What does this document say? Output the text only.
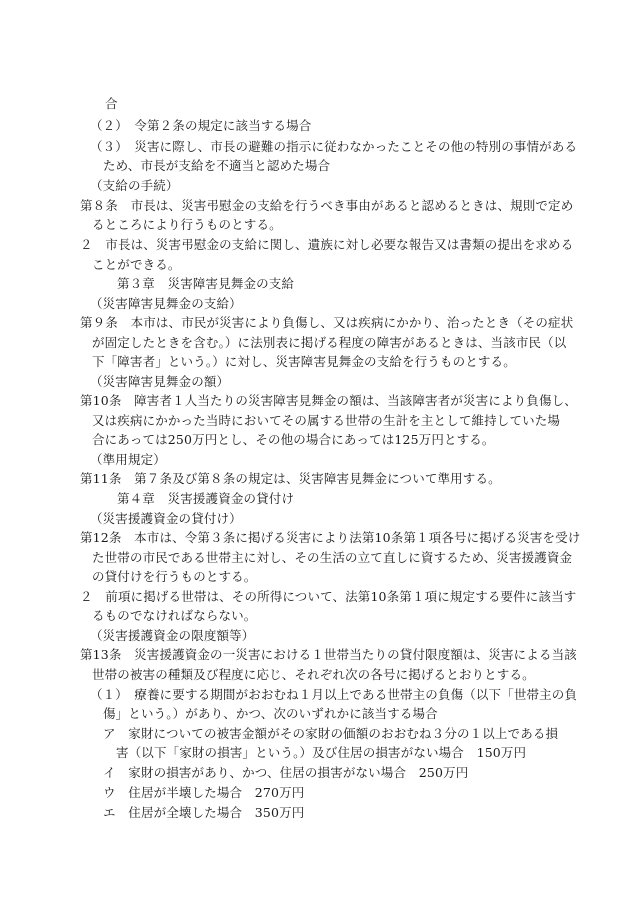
合
（２）　令第２条の規定に該当する場合
（３）　災害に際し、市長の避難の指示に従わなかったことその他の特別の事情がある
ため、市長が支給を不適当と認めた場合
（支給の手続）
第８条　市長は、災害弔慰金の支給を行うべき事由があると認めるときは、規則で定め
るところにより行うものとする。
２　市長は、災害弔慰金の支給に関し、遺族に対し必要な報告又は書類の提出を求める
ことができる。
第３章　災害障害見舞金の支給
（災害障害見舞金の支給）
第９条　本市は、市民が災害により負傷し、又は疾病にかかり、治ったとき（その症状
が固定したときを含む。）に法別表に掲げる程度の障害があるときは、当該市民（以
下「障害者」という。）に対し、災害障害見舞金の支給を行うものとする。
（災害障害見舞金の額）
第10条　障害者１人当たりの災害障害見舞金の額は、当該障害者が災害により負傷し、
又は疾病にかかった当時においてその属する世帯の生計を主として維持していた場
合にあっては250万円とし、その他の場合にあっては125万円とする。
（準用規定）
第11条　第７条及び第８条の規定は、災害障害見舞金について準用する。
第４章　災害援護資金の貸付け
（災害援護資金の貸付け）
第12条　本市は、令第３条に掲げる災害により法第10条第１項各号に掲げる災害を受け
た世帯の市民である世帯主に対し、その生活の立て直しに資するため、災害援護資金
の貸付けを行うものとする。
２　前項に掲げる世帯は、その所得について、法第10条第１項に規定する要件に該当す
るものでなければならない。
（災害援護資金の限度額等）
第13条　災害援護資金の一災害における１世帯当たりの貸付限度額は、災害による当該
世帯の被害の種類及び程度に応じ、それぞれ次の各号に掲げるとおりとする。
（１）　療養に要する期間がおおむね１月以上である世帯主の負傷（以下「世帯主の負
傷」という。）があり、かつ、次のいずれかに該当する場合
ア　家財についての被害金額がその家財の価額のおおむね３分の１以上である損
害（以下「家財の損害」という。）及び住居の損害がない場合　150万円
イ　家財の損害があり、かつ、住居の損害がない場合　250万円
ウ　住居が半壊した場合　270万円
エ　住居が全壊した場合　350万円
